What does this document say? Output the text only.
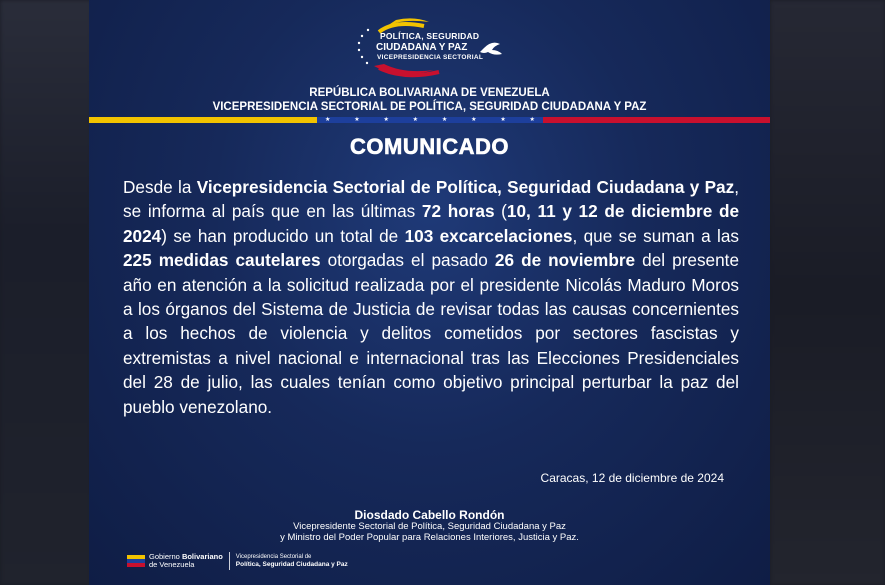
POLÍTICA, SEGURIDAD
CIUDADANA Y PAZ
VICEPRESIDENCIA SECTORIAL
REPÚBLICA BOLIVARIANA DE VENEZUELA
VICEPRESIDENCIA SECTORIAL DE POLÍTICA, SEGURIDAD CIUDADANA Y PAZ
★	★	★	★	★	★	★	★
COMUNICADO
Desde la Vicepresidencia Sectorial de Política, Seguridad Ciudadana y Paz, se informa al país que en las últimas 72 horas (10, 11 y 12 de diciembre de 2024) se han producido un total de 103 excarcelaciones, que se suman a las 225 medidas cautelares otorgadas el pasado 26 de noviembre del presente año en atención a la solicitud realizada por el presidente Nicolás Maduro Moros a los órganos del Sistema de Justicia de revisar todas las causas concernientes a los hechos de violencia y delitos cometidos por sectores fascistas y extremistas a nivel nacional e internacional tras las Elecciones Presidenciales del 28 de julio, las cuales tenían como objetivo principal perturbar la paz del pueblo venezolano.
Caracas, 12 de diciembre de 2024
Diosdado Cabello Rondón
Vicepresidente Sectorial de Política, Seguridad Ciudadana y Paz
y Ministro del Poder Popular para Relaciones Interiores, Justicia y Paz.
Gobierno Bolivariano
de Venezuela
Vicepresidencia Sectorial de
Política, Seguridad Ciudadana y Paz
